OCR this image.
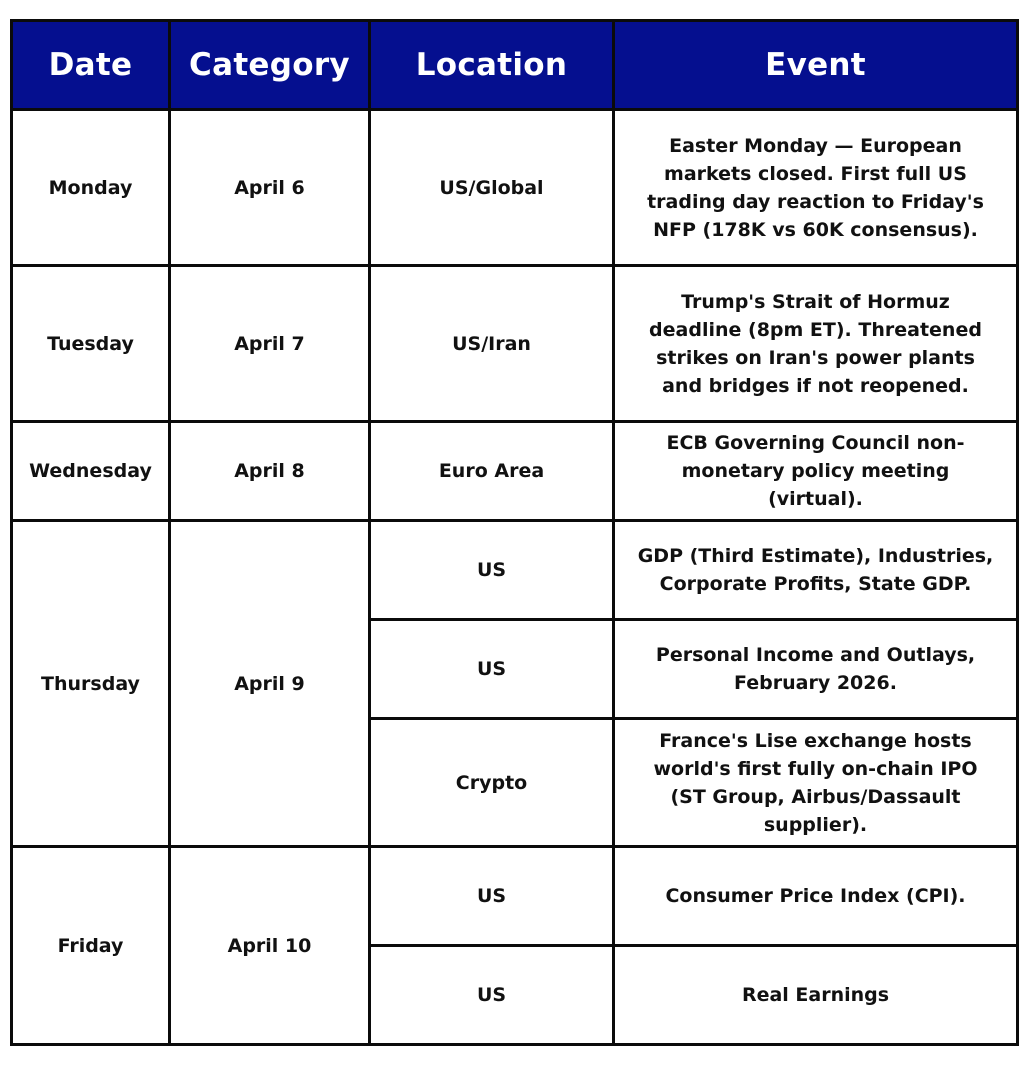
Date	Category	Location	Event
Monday	April 6	US/Global	Easter Monday — European markets closed. First full US trading day reaction to Friday's NFP (178K vs 60K consensus).
Tuesday	April 7	US/Iran	Trump's Strait of Hormuz deadline (8pm ET). Threatened strikes on Iran's power plants and bridges if not reopened.
Wednesday	April 8	Euro Area	ECB Governing Council non-monetary policy meeting (virtual).
Thursday	April 9	US	GDP (Third Estimate), Industries, Corporate Profits, State GDP.
		US	Personal Income and Outlays, February 2026.
		Crypto	France's Lise exchange hosts world's first fully on-chain IPO (ST Group, Airbus/Dassault supplier).
Friday	April 10	US	Consumer Price Index (CPI).
		US	Real Earnings
